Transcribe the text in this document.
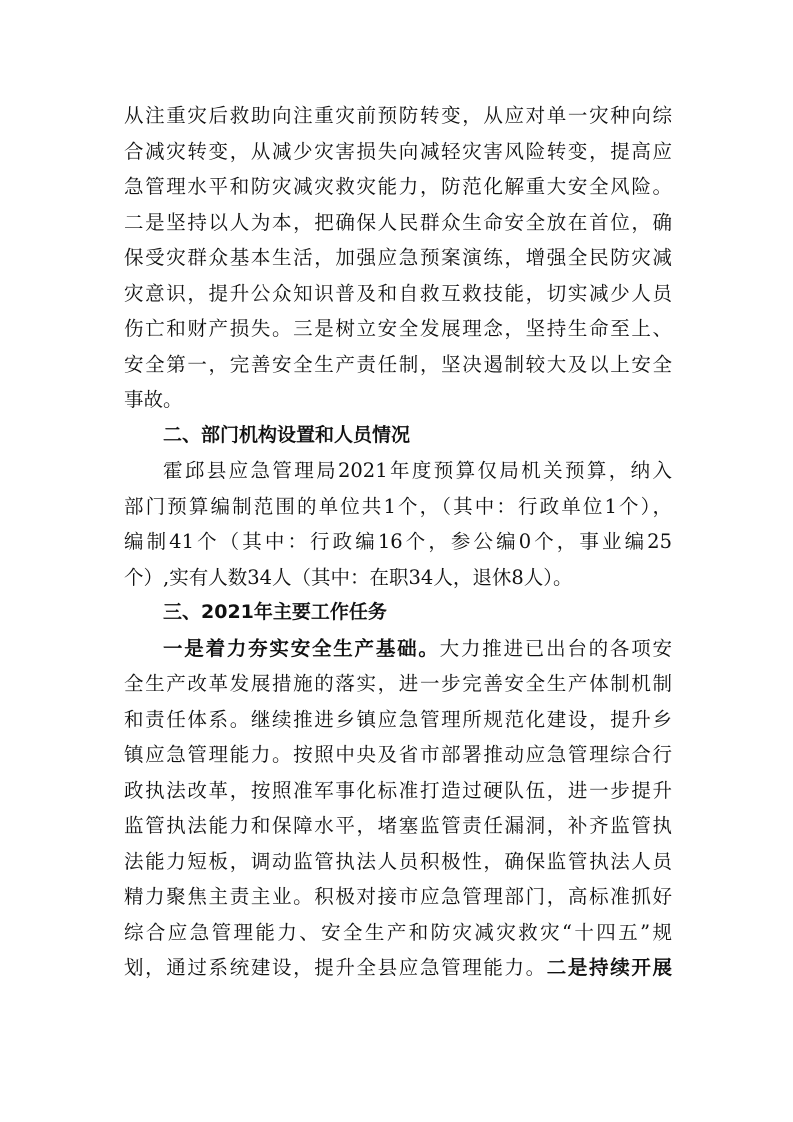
从注重灾后救助向注重灾前预防转变，从应对单一灾种向综
合减灾转变，从减少灾害损失向减轻灾害风险转变，提高应
急管理水平和防灾减灾救灾能力，防范化解重大安全风险。
二是坚持以人为本，把确保人民群众生命安全放在首位，确
保受灾群众基本生活，加强应急预案演练，增强全民防灾减
灾意识，提升公众知识普及和自救互救技能，切实减少人员
伤亡和财产损失。三是树立安全发展理念，坚持生命至上、
安全第一，完善安全生产责任制，坚决遏制较大及以上安全
事故。
二、部门机构设置和人员情况
霍邱县应急管理局2021年度预算仅局机关预算，纳入
部门预算编制范围的单位共1个，（其中：行政单位1个），
编制41个（其中：行政编16个，参公编0个，事业编25
个）,实有人数34人（其中：在职34人，退休8人）。
三、2021年主要工作任务
一是着力夯实安全生产基础。大力推进已出台的各项安
全生产改革发展措施的落实，进一步完善安全生产体制机制
和责任体系。继续推进乡镇应急管理所规范化建设，提升乡
镇应急管理能力。按照中央及省市部署推动应急管理综合行
政执法改革，按照准军事化标准打造过硬队伍，进一步提升
监管执法能力和保障水平，堵塞监管责任漏洞，补齐监管执
法能力短板，调动监管执法人员积极性，确保监管执法人员
精力聚焦主责主业。积极对接市应急管理部门，高标准抓好
综合应急管理能力、安全生产和防灾减灾救灾“十四五”规
划，通过系统建设，提升全县应急管理能力。二是持续开展
